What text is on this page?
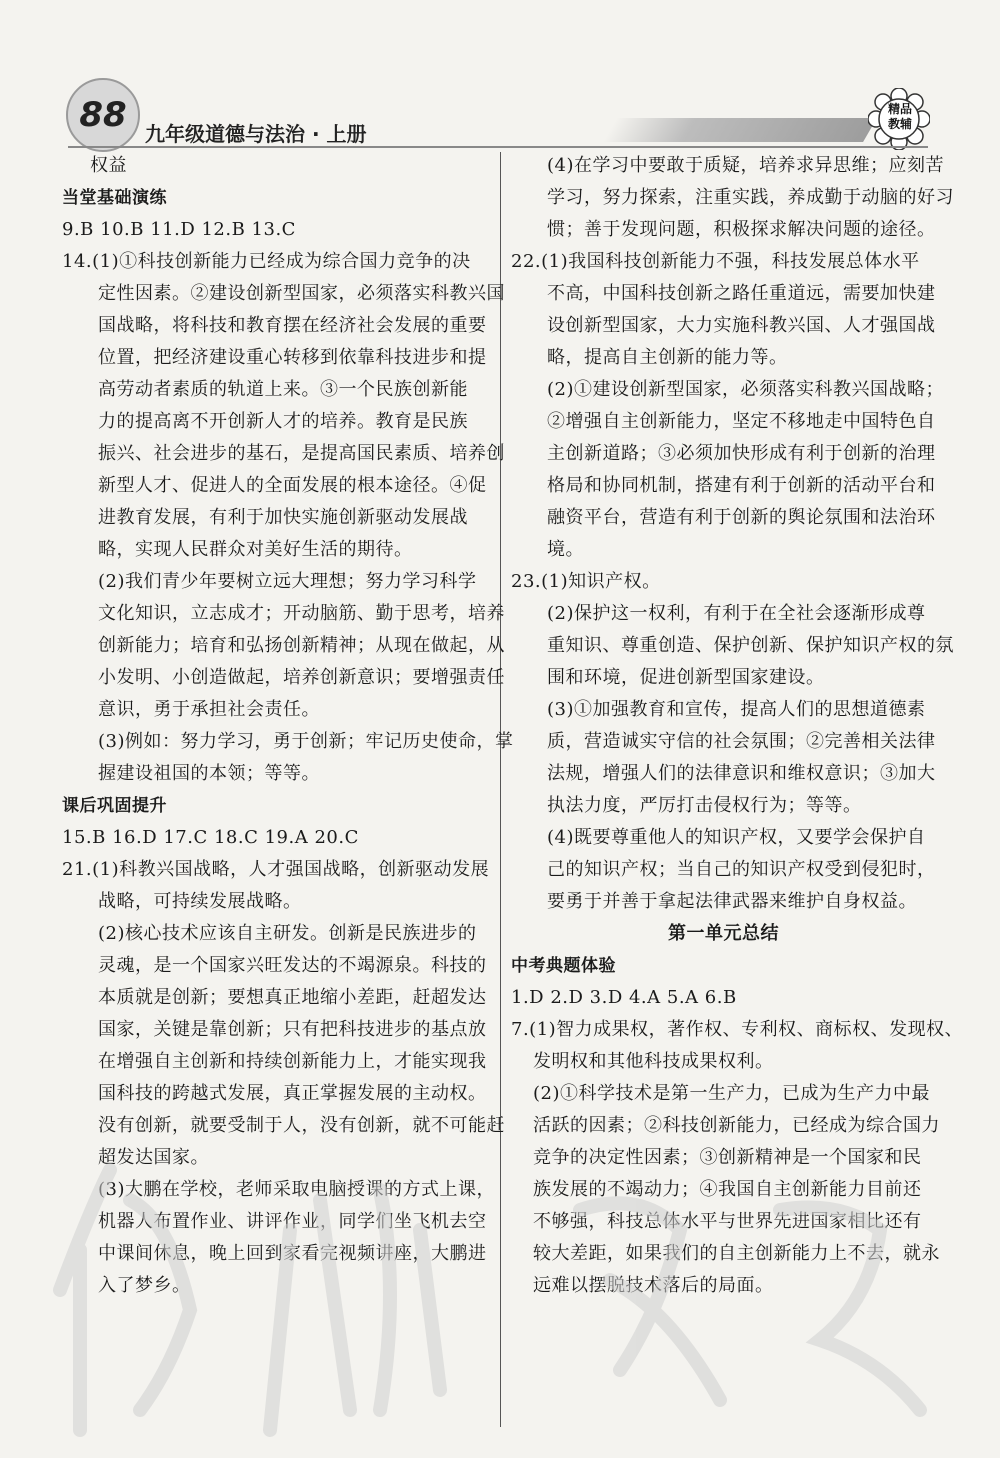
88 九年级道德与法治 · 上册
精品
教辅
权益
当堂基础演练
9.B 10.B 11.D 12.B 13.C
14.(1)①科技创新能力已经成为综合国力竞争的决
定性因素。②建设创新型国家，必须落实科教兴国
国战略，将科技和教育摆在经济社会发展的重要
位置，把经济建设重心转移到依靠科技进步和提
高劳动者素质的轨道上来。③一个民族创新能
力的提高离不开创新人才的培养。教育是民族
振兴、社会进步的基石，是提高国民素质、培养创
新型人才、促进人的全面发展的根本途径。④促
进教育发展，有利于加快实施创新驱动发展战
略，实现人民群众对美好生活的期待。
(2)我们青少年要树立远大理想；努力学习科学
文化知识，立志成才；开动脑筋、勤于思考，培养
创新能力；培育和弘扬创新精神；从现在做起，从
小发明、小创造做起，培养创新意识；要增强责任
意识，勇于承担社会责任。
(3)例如：努力学习，勇于创新；牢记历史使命，掌
握建设祖国的本领；等等。
课后巩固提升
15.B 16.D 17.C 18.C 19.A 20.C
21.(1)科教兴国战略，人才强国战略，创新驱动发展
战略，可持续发展战略。
(2)核心技术应该自主研发。创新是民族进步的
灵魂，是一个国家兴旺发达的不竭源泉。科技的
本质就是创新；要想真正地缩小差距，赶超发达
国家，关键是靠创新；只有把科技进步的基点放
在增强自主创新和持续创新能力上，才能实现我
国科技的跨越式发展，真正掌握发展的主动权。
没有创新，就要受制于人，没有创新，就不可能赶
超发达国家。
(3)大鹏在学校，老师采取电脑授课的方式上课，
机器人布置作业、讲评作业，同学们坐飞机去空
中课间休息，晚上回到家看完视频讲座，大鹏进
入了梦乡。
(4)在学习中要敢于质疑，培养求异思维；应刻苦
学习，努力探索，注重实践，养成勤于动脑的好习
惯；善于发现问题，积极探求解决问题的途径。
22.(1)我国科技创新能力不强，科技发展总体水平
不高，中国科技创新之路任重道远，需要加快建
设创新型国家，大力实施科教兴国、人才强国战
略，提高自主创新的能力等。
(2)①建设创新型国家，必须落实科教兴国战略；
②增强自主创新能力，坚定不移地走中国特色自
主创新道路；③必须加快形成有利于创新的治理
格局和协同机制，搭建有利于创新的活动平台和
融资平台，营造有利于创新的舆论氛围和法治环
境。
23.(1)知识产权。
(2)保护这一权利，有利于在全社会逐渐形成尊
重知识、尊重创造、保护创新、保护知识产权的氛
围和环境，促进创新型国家建设。
(3)①加强教育和宣传，提高人们的思想道德素
质，营造诚实守信的社会氛围；②完善相关法律
法规，增强人们的法律意识和维权意识；③加大
执法力度，严厉打击侵权行为；等等。
(4)既要尊重他人的知识产权，又要学会保护自
己的知识产权；当自己的知识产权受到侵犯时，
要勇于并善于拿起法律武器来维护自身权益。
第一单元总结
中考典题体验
1.D 2.D 3.D 4.A 5.A 6.B
7.(1)智力成果权，著作权、专利权、商标权、发现权、
发明权和其他科技成果权利。
(2)①科学技术是第一生产力，已成为生产力中最
活跃的因素；②科技创新能力，已经成为综合国力
竞争的决定性因素；③创新精神是一个国家和民
族发展的不竭动力；④我国自主创新能力目前还
不够强，科技总体水平与世界先进国家相比还有
较大差距，如果我们的自主创新能力上不去，就永
远难以摆脱技术落后的局面。
